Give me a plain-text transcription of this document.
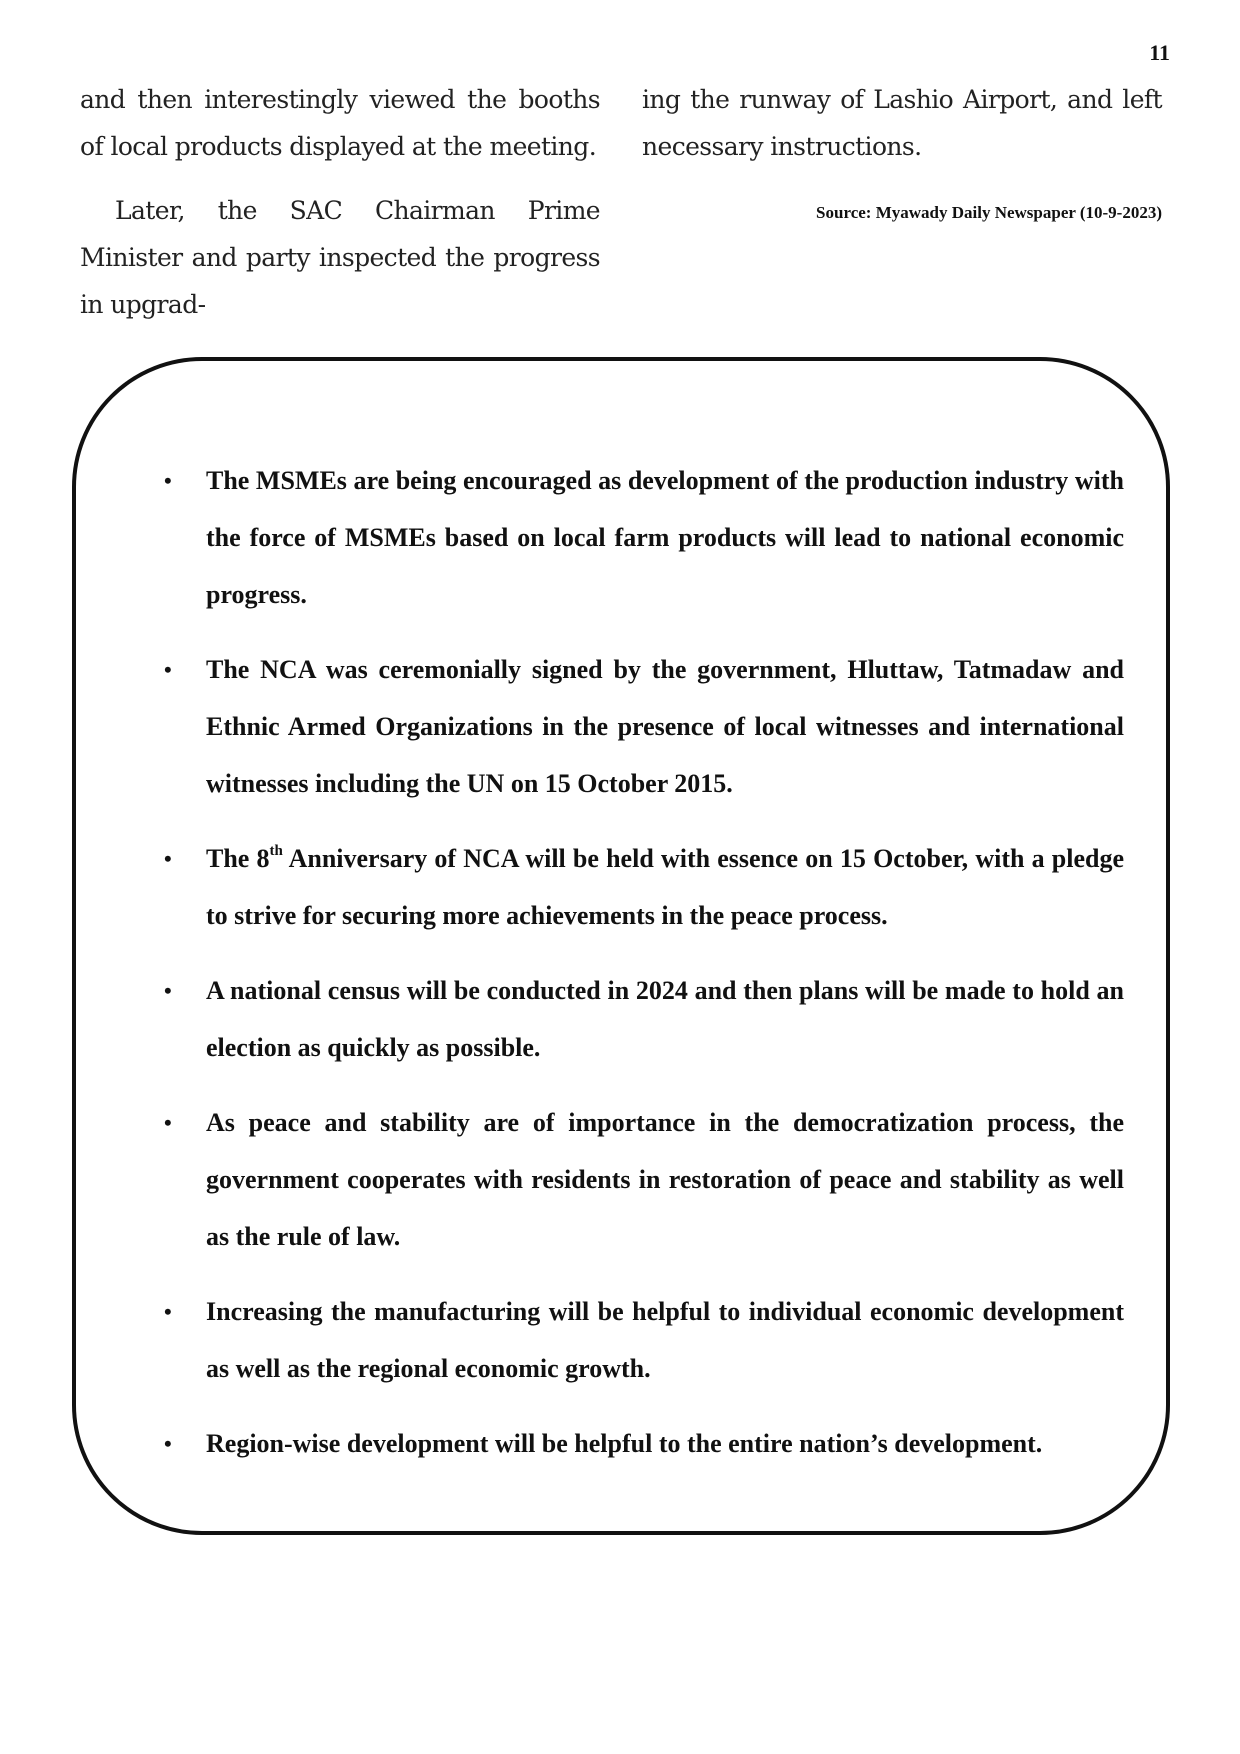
11

and then interestingly viewed the booths of local products displayed at the meeting.

Later, the SAC Chairman Prime Minister and party inspected the progress in upgrad-

ing the runway of Lashio Airport, and left necessary instructions.

Source: Myawady Daily Newspaper (10-9-2023)
• The MSMEs are being encouraged as development of the production industry with the force of MSMEs based on local farm products will lead to national economic progress.
• The NCA was ceremonially signed by the government, Hluttaw, Tatmadaw and Ethnic Armed Organizations in the presence of local witnesses and international witnesses including the UN on 15 October 2015.
• The 8th Anniversary of NCA will be held with essence on 15 October, with a pledge to strive for securing more achievements in the peace process.
• A national census will be conducted in 2024 and then plans will be made to hold an election as quickly as possible.
• As peace and stability are of importance in the democratization process, the government cooperates with residents in restoration of peace and stability as well as the rule of law.
• Increasing the manufacturing will be helpful to individual economic development as well as the regional economic growth.
• Region-wise development will be helpful to the entire nation’s development.
